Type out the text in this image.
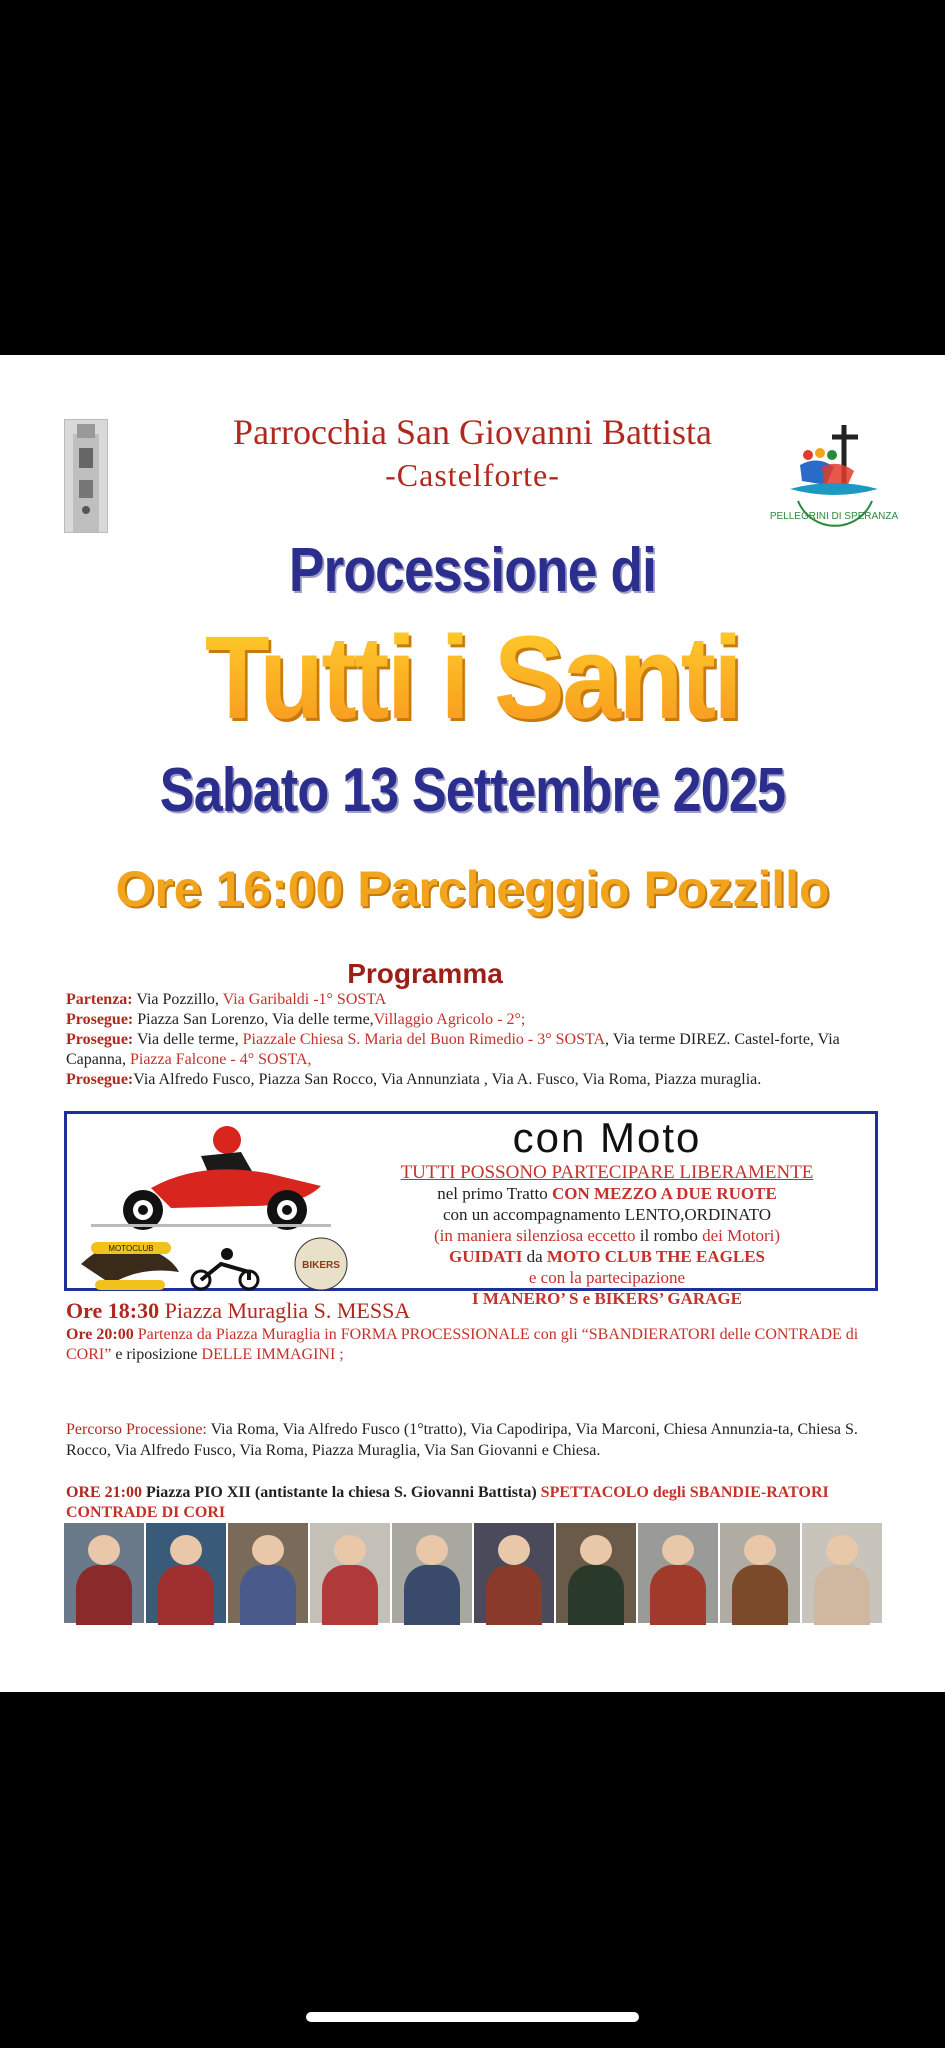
PELLEGRINI DI SPERANZA
Parrocchia San Giovanni Battista
-Castelforte-
Processione di
Tutti i Santi
Sabato 13 Settembre 2025
Ore 16:00 Parcheggio Pozzillo
Programma
Partenza: Via Pozzillo, Via Garibaldi -1° SOSTA
Prosegue: Piazza San Lorenzo, Via delle terme,Villaggio Agricolo - 2°;
Prosegue: Via delle terme, Piazzale Chiesa S. Maria del Buon Rimedio - 3° SOSTA, Via terme DIREZ. Castel-forte, Via Capanna, Piazza Falcone - 4° SOSTA,
Prosegue:Via Alfredo Fusco, Piazza San Rocco, Via Annunziata , Via A. Fusco, Via Roma, Piazza muraglia.
MOTOCLUB
BIKERS
con Moto
TUTTI POSSONO PARTECIPARE LIBERAMENTE
nel primo Tratto CON MEZZO A DUE RUOTE
con un accompagnamento LENTO,ORDINATO
(in maniera silenziosa eccetto il rombo dei Motori)
GUIDATI da MOTO CLUB THE EAGLES
e con la partecipazione
I MANERO’ S e BIKERS’ GARAGE
Ore 18:30 Piazza Muraglia S. MESSA
Ore 20:00 Partenza da Piazza Muraglia in FORMA PROCESSIONALE con gli “SBANDIERATORI delle CONTRADE di CORI” e riposizione DELLE IMMAGINI ;
Percorso Processione: Via Roma, Via Alfredo Fusco (1°tratto), Via Capodiripa, Via Marconi, Chiesa Annunzia-ta, Chiesa S. Rocco, Via Alfredo Fusco, Via Roma, Piazza Muraglia, Via San Giovanni e Chiesa.
ORE 21:00 Piazza PIO XII (antistante la chiesa S. Giovanni Battista) SPETTACOLO degli SBANDIE-RATORI CONTRADE DI CORI
